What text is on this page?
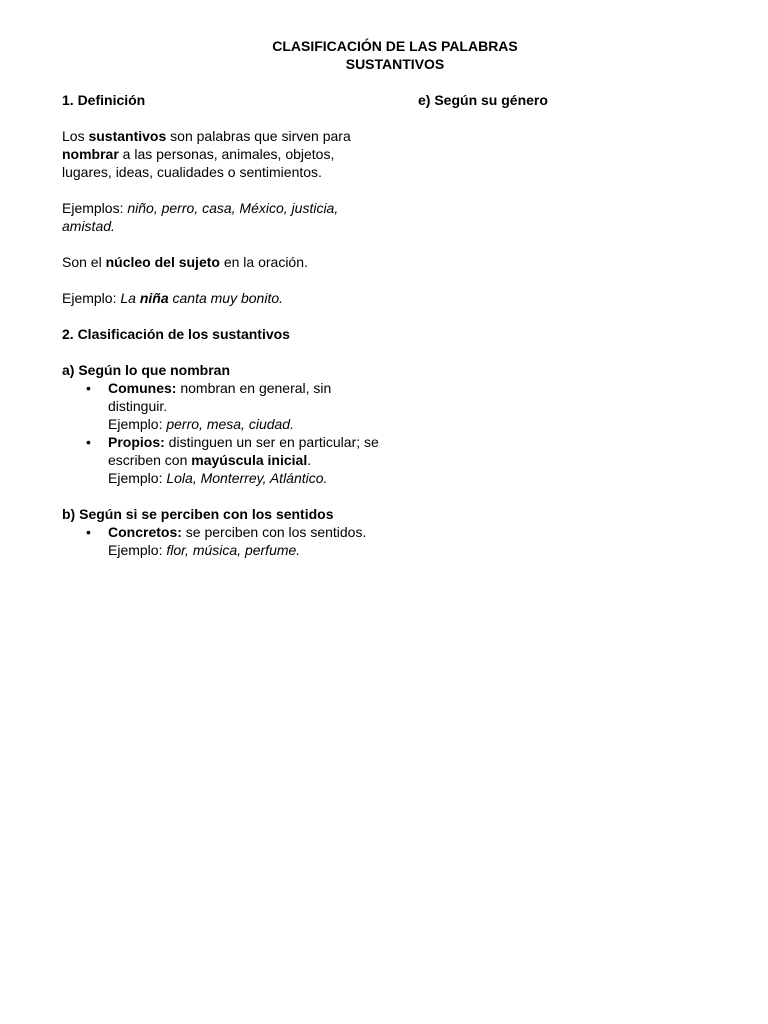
CLASIFICACIÓN DE LAS PALABRAS
SUSTANTIVOS

1. Definición

Los sustantivos son palabras que sirven para nombrar a las personas, animales, objetos, lugares, ideas, cualidades o sentimientos.

Ejemplos: niño, perro, casa, México, justicia, amistad.

Son el núcleo del sujeto en la oración.

Ejemplo: La niña canta muy bonito.

2. Clasificación de los sustantivos

a) Según lo que nombran

• Comunes: nombran en general, sin distinguir.
Ejemplo: perro, mesa, ciudad.
• Propios: distinguen un ser en particular; se escriben con mayúscula inicial.
Ejemplo: Lola, Monterrey, Atlántico.

b) Según si se perciben con los sentidos

• Concretos: se perciben con los sentidos.
Ejemplo: flor, música, perfume.

e) Según su género
